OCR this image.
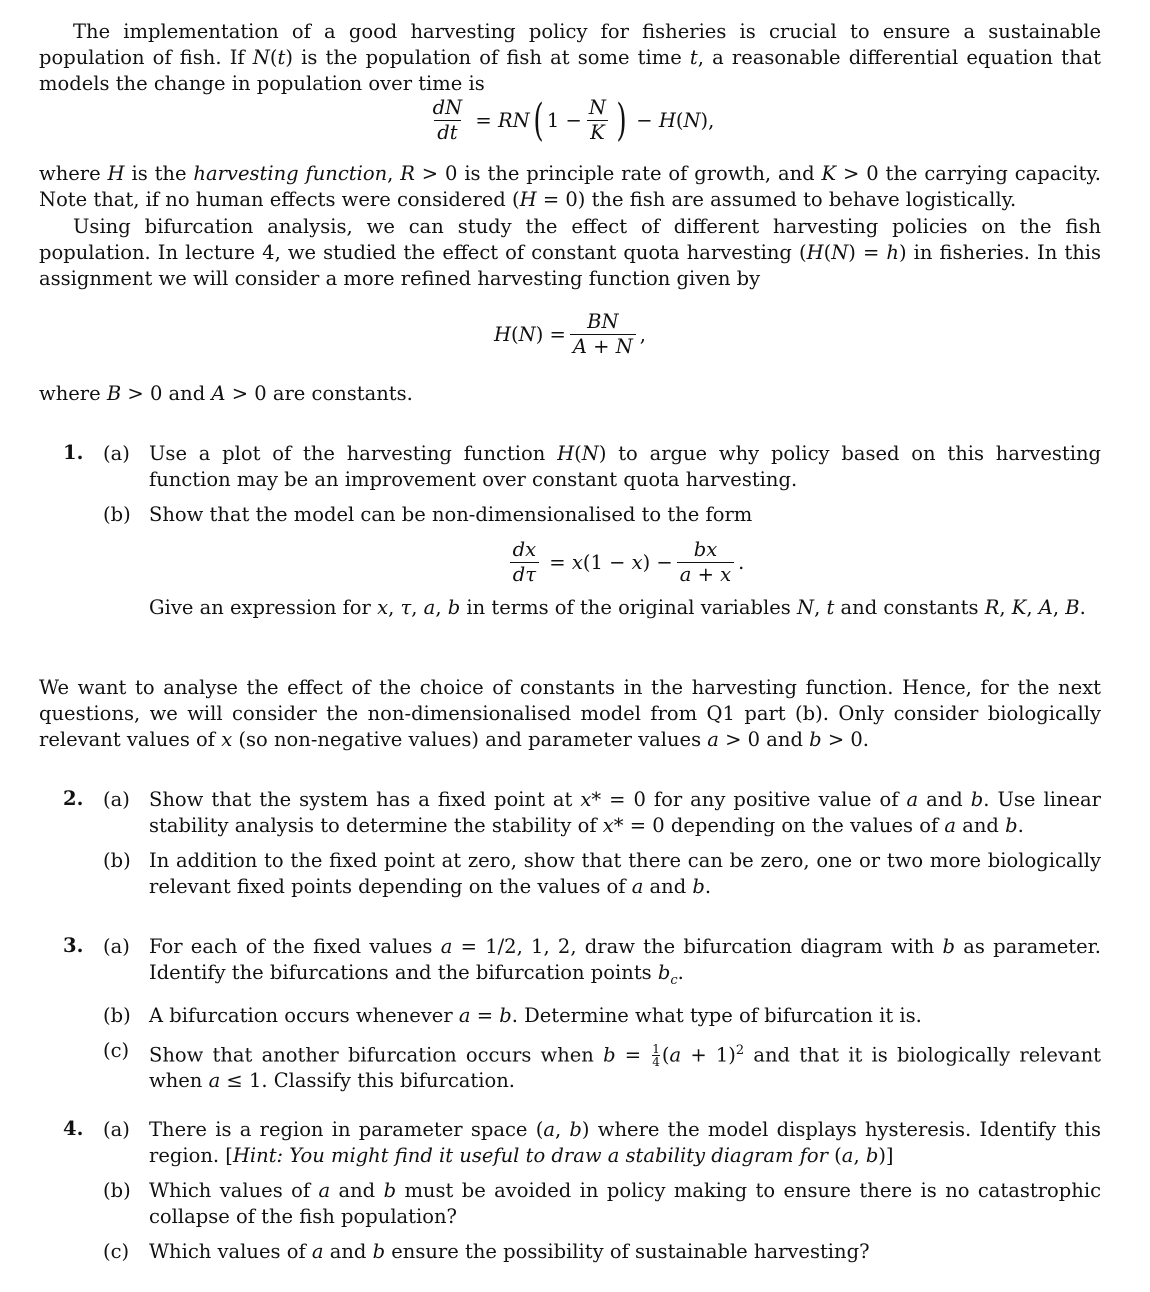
The implementation of a good harvesting policy for fisheries is crucial to ensure a sustainable population of fish. If N(t) is the population of fish at some time t, a reasonable differential equation that models the change in population over time is

$\frac{dN}{dt}$ = RN ( $1 - \frac{N}{K}$ ) − H(N),

where H is the harvesting function, R > 0 is the principle rate of growth, and K > 0 the carrying capacity. Note that, if no human effects were considered (H = 0) the fish are assumed to behave logistically.

Using bifurcation analysis, we can study the effect of different harvesting policies on the fish population. In lecture 4, we studied the effect of constant quota harvesting (H(N) = h) in fisheries. In this assignment we will consider a more refined harvesting function given by

$H(N) = \frac{BN}{A + N}$ ,

where B > 0 and A > 0 are constants.

1. (a) Use a plot of the harvesting function H(N) to argue why policy based on this harvesting function may be an improvement over constant quota harvesting.
(b) Show that the model can be non-dimensionalised to the form
$\frac{dx}{d\tau} = x(1 - x) - \frac{bx}{a + x}$ .
Give an expression for x, τ, a, b in terms of the original variables N, t and constants R, K, A, B.

We want to analyse the effect of the choice of constants in the harvesting function. Hence, for the next questions, we will consider the non-dimensionalised model from Q1 part (b). Only consider biologically relevant values of x (so non-negative values) and parameter values a > 0 and b > 0.

2. (a) Show that the system has a fixed point at x* = 0 for any positive value of a and b. Use linear stability analysis to determine the stability of x* = 0 depending on the values of a and b.
(b) In addition to the fixed point at zero, show that there can be zero, one or two more biologically relevant fixed points depending on the values of a and b.
3. (a) For each of the fixed values a = 1/2, 1, 2, draw the bifurcation diagram with b as parameter. Identify the bifurcations and the bifurcation points $b_c$.
(b) A bifurcation occurs whenever a = b. Determine what type of bifurcation it is.
(c) Show that another bifurcation occurs when $b = \frac{1}{4} (a + 1)^2$ and that it is biologically relevant when a ≤ 1. Classify this bifurcation.
4. (a) There is a region in parameter space (a, b) where the model displays hysteresis. Identify this region. [Hint: You might find it useful to draw a stability diagram for (a, b)]
(b) Which values of a and b must be avoided in policy making to ensure there is no catastrophic collapse of the fish population?
(c) Which values of a and b ensure the possibility of sustainable harvesting?
